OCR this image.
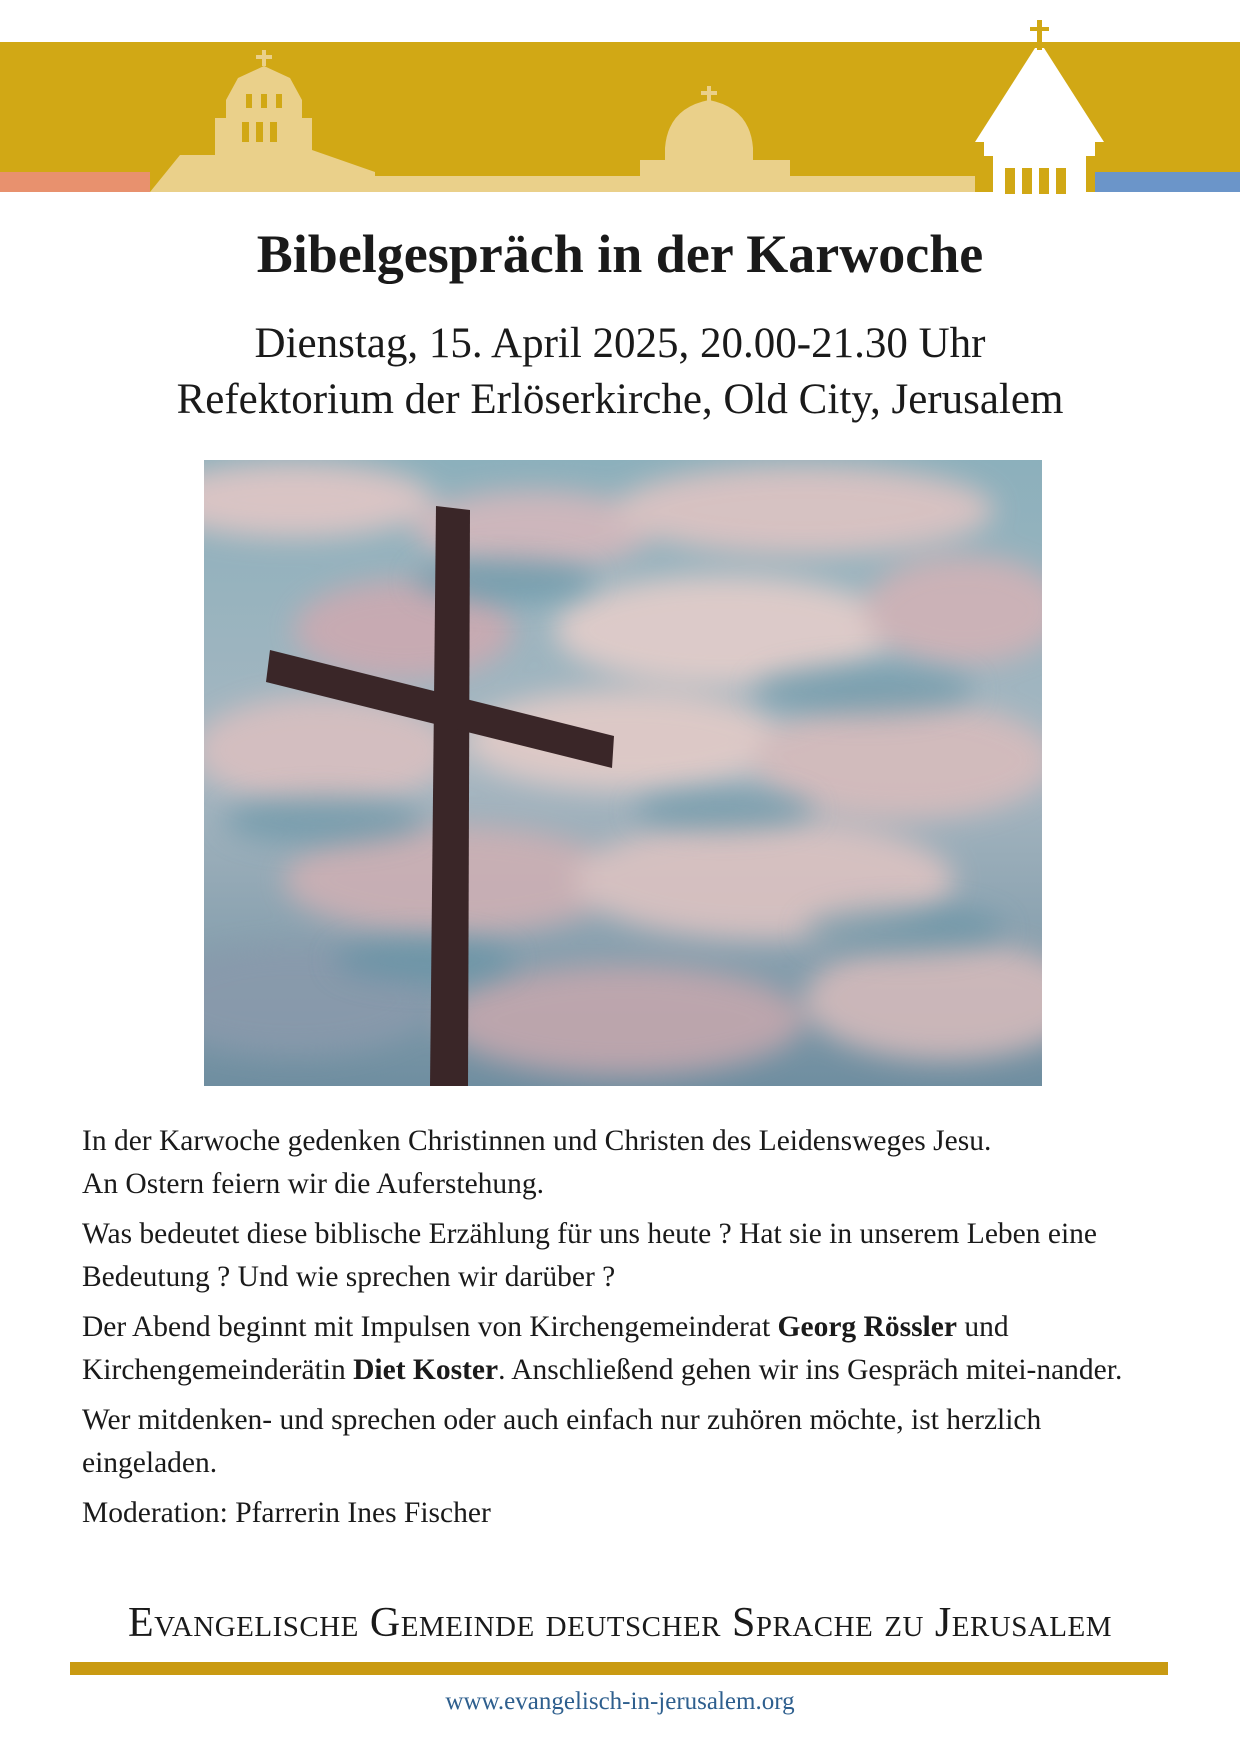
Bibelgespräch in der Karwoche

Dienstag, 15. April 2025, 20.00-21.30 Uhr

Refektorium der Erlöserkirche, Old City, Jerusalem

In der Karwoche gedenken Christinnen und Christen des Leidensweges Jesu.
An Ostern feiern wir die Auferstehung.

Was bedeutet diese biblische Erzählung für uns heute ? Hat sie in unserem Leben eine Bedeutung ? Und wie sprechen wir darüber ?

Der Abend beginnt mit Impulsen von Kirchengemeinderat Georg Rössler und Kirchengemeinderätin Diet Koster. Anschließend gehen wir ins Gespräch mitei-nander.

Wer mitdenken- und sprechen oder auch einfach nur zuhören möchte, ist herzlich eingeladen.

Moderation: Pfarrerin Ines Fischer

Evangelische Gemeinde deutscher Sprache zu Jerusalem

www.evangelisch-in-jerusalem.org
